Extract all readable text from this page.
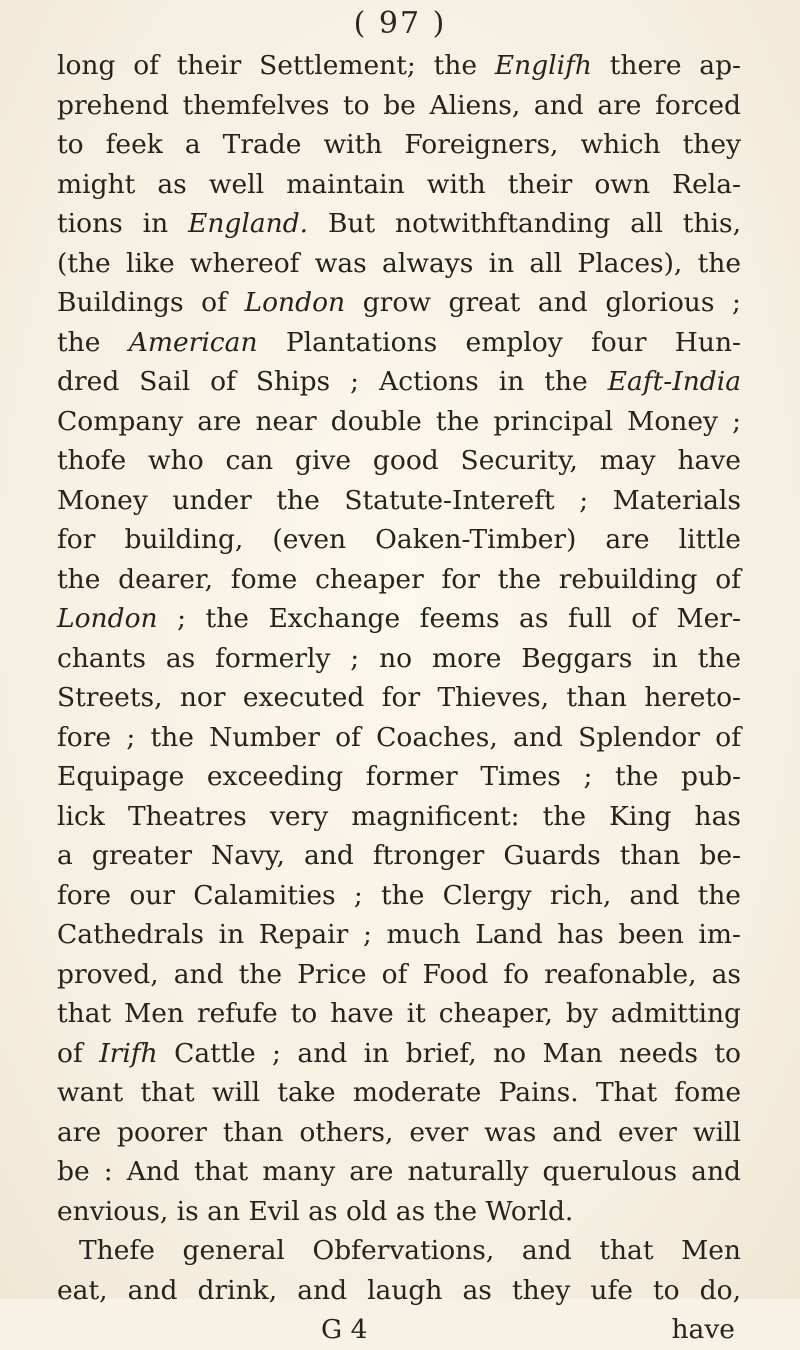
( 97 )
long of their Settlement; the Englifh there ap-
prehend themfelves to be Aliens, and are forced
to feek a Trade with Foreigners, which they
might as well maintain with their own Rela-
tions in England. But notwithftanding all this,
(the like whereof was always in all Places), the
Buildings of London grow great and glorious ;
the American Plantations employ four Hun-
dred Sail of Ships ; Actions in the Eaft-India
Company are near double the principal Money ;
thofe who can give good Security, may have
Money under the Statute-Intereft ; Materials
for building, (even Oaken-Timber) are little
the dearer, fome cheaper for the rebuilding of
London ; the Exchange feems as full of Mer-
chants as formerly ; no more Beggars in the
Streets, nor executed for Thieves, than hereto-
fore ; the Number of Coaches, and Splendor of
Equipage exceeding former Times ; the pub-
lick Theatres very magnificent: the King has
a greater Navy, and ftronger Guards than be-
fore our Calamities ; the Clergy rich, and the
Cathedrals in Repair ; much Land has been im-
proved, and the Price of Food fo reafonable, as
that Men refufe to have it cheaper, by admitting
of Irifh Cattle ; and in brief, no Man needs to
want that will take moderate Pains. That fome
are poorer than others, ever was and ever will
be : And that many are naturally querulous and
envious, is an Evil as old as the World.
Thefe general Obfervations, and that Men
eat, and drink, and laugh as they ufe to do,
G 4	have
